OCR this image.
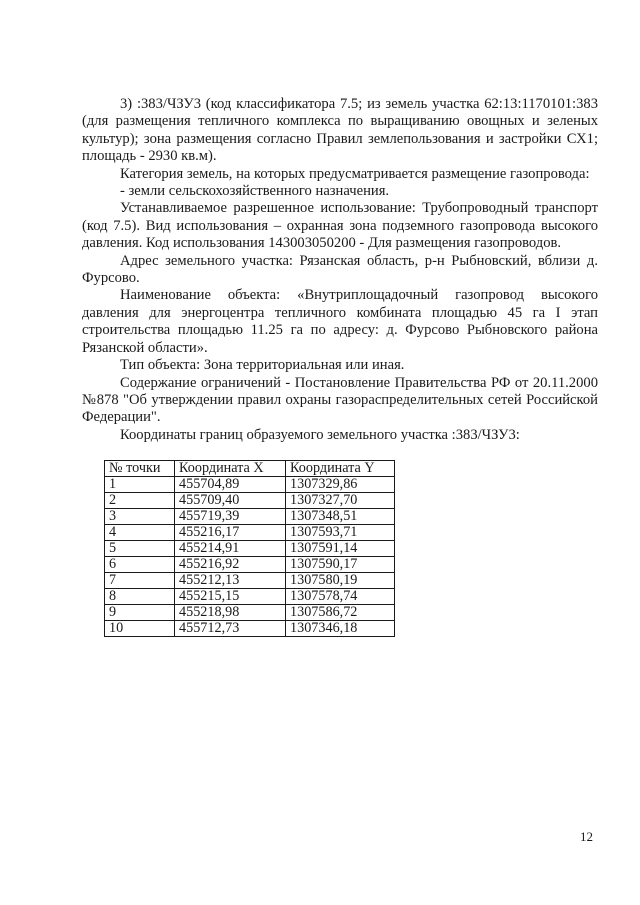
3) :383/ЧЗУ3 (код классификатора 7.5; из земель участка 62:13:1170101:383 (для размещения тепличного комплекса по выращиванию овощных и зеленых культур); зона размещения согласно Правил землепользования и застройки СХ1; площадь - 2930 кв.м).

Категория земель, на которых предусматривается размещение газопровода:

- земли сельскохозяйственного назначения.

Устанавливаемое разрешенное использование: Трубопроводный транспорт (код 7.5). Вид использования – охранная зона подземного газопровода высокого давления. Код использования 143003050200 - Для размещения газопроводов.

Адрес земельного участка: Рязанская область, р-н Рыбновский, вблизи д. Фурсово.

Наименование объекта: «Внутриплощадочный газопровод высокого давления для энергоцентра тепличного комбината площадью 45 га I этап строительства площадью 11.25 га по адресу: д. Фурсово Рыбновского района Рязанской области».

Тип объекта: Зона территориальная или иная.

Содержание ограничений - Постановление Правительства РФ от 20.11.2000 №878 "Об утверждении правил охраны газораспределительных сетей Российской Федерации".

Координаты границ образуемого земельного участка :383/ЧЗУ3:

№ точки	Координата X	Координата Y
1	455704,89	1307329,86
2	455709,40	1307327,70
3	455719,39	1307348,51
4	455216,17	1307593,71
5	455214,91	1307591,14
6	455216,92	1307590,17
7	455212,13	1307580,19
8	455215,15	1307578,74
9	455218,98	1307586,72
10	455712,73	1307346,18
12
